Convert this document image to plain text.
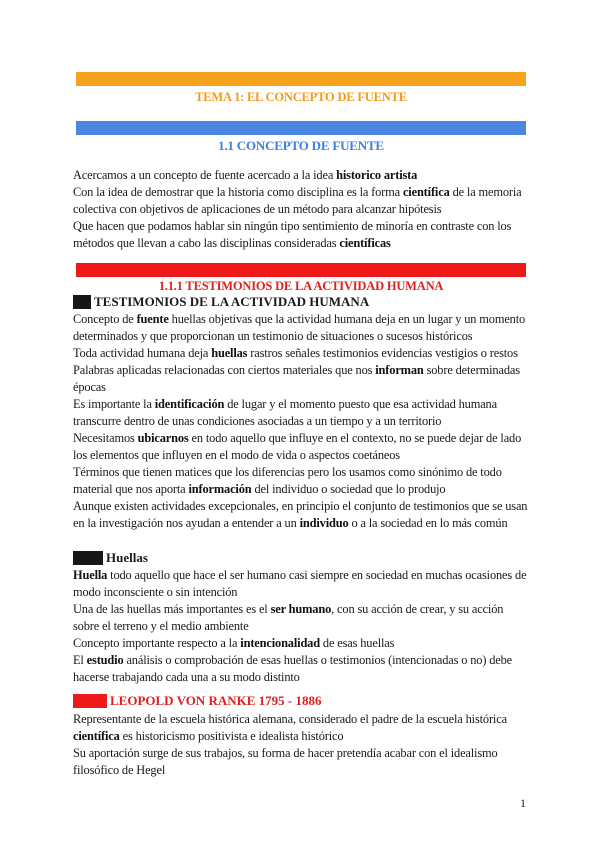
TEMA 1: EL CONCEPTO DE FUENTE
1.1 CONCEPTO DE FUENTE

Acercamos a un concepto de fuente acercado a la idea historico artista

Con la idea de demostrar que la historia como disciplina es la forma científica de la memoria colectiva con objetivos de aplicaciones de un método para alcanzar hipótesis

Que hacen que podamos hablar sin ningún tipo sentimiento de minoría en contraste con los métodos que llevan a cabo las disciplinas consideradas científicas

1.1.1 TESTIMONIOS DE LA ACTIVIDAD HUMANA
TESTIMONIOS DE LA ACTIVIDAD HUMANA

Concepto de fuente huellas objetivas que la actividad humana deja en un lugar y un momento determinados y que proporcionan un testimonio de situaciones o sucesos históricos

Toda actividad humana deja huellas rastros señales testimonios evidencias vestigios o restos

Palabras aplicadas relacionadas con ciertos materiales que nos informan sobre determinadas épocas

Es importante la identificación de lugar y el momento puesto que esa actividad humana transcurre dentro de unas condiciones asociadas a un tiempo y a un territorio

Necesitamos ubicarnos en todo aquello que influye en el contexto, no se puede dejar de lado los elementos que influyen en el modo de vida o aspectos coetáneos

Términos que tienen matices que los diferencias pero los usamos como sinónimo de todo material que nos aporta información del individuo o sociedad que lo produjo

Aunque existen actividades excepcionales, en principio el conjunto de testimonios que se usan en la investigación nos ayudan a entender a un individuo o a la sociedad en lo más común

Huellas

Huella todo aquello que hace el ser humano casi siempre en sociedad en muchas ocasiones de modo inconsciente o sin intención

Una de las huellas más importantes es el ser humano, con su acción de crear, y su acción sobre el terreno y el medio ambiente

Concepto importante respecto a la intencionalidad de esas huellas

El estudio análisis o comprobación de esas huellas o testimonios (intencionadas o no) debe hacerse trabajando cada una a su modo distinto

LEOPOLD VON RANKE 1795 - 1886

Representante de la escuela histórica alemana, considerado el padre de la escuela histórica científica es historicismo positivista e idealista histórico

Su aportación surge de sus trabajos, su forma de hacer pretendía acabar con el idealismo filosófico de Hegel

1
